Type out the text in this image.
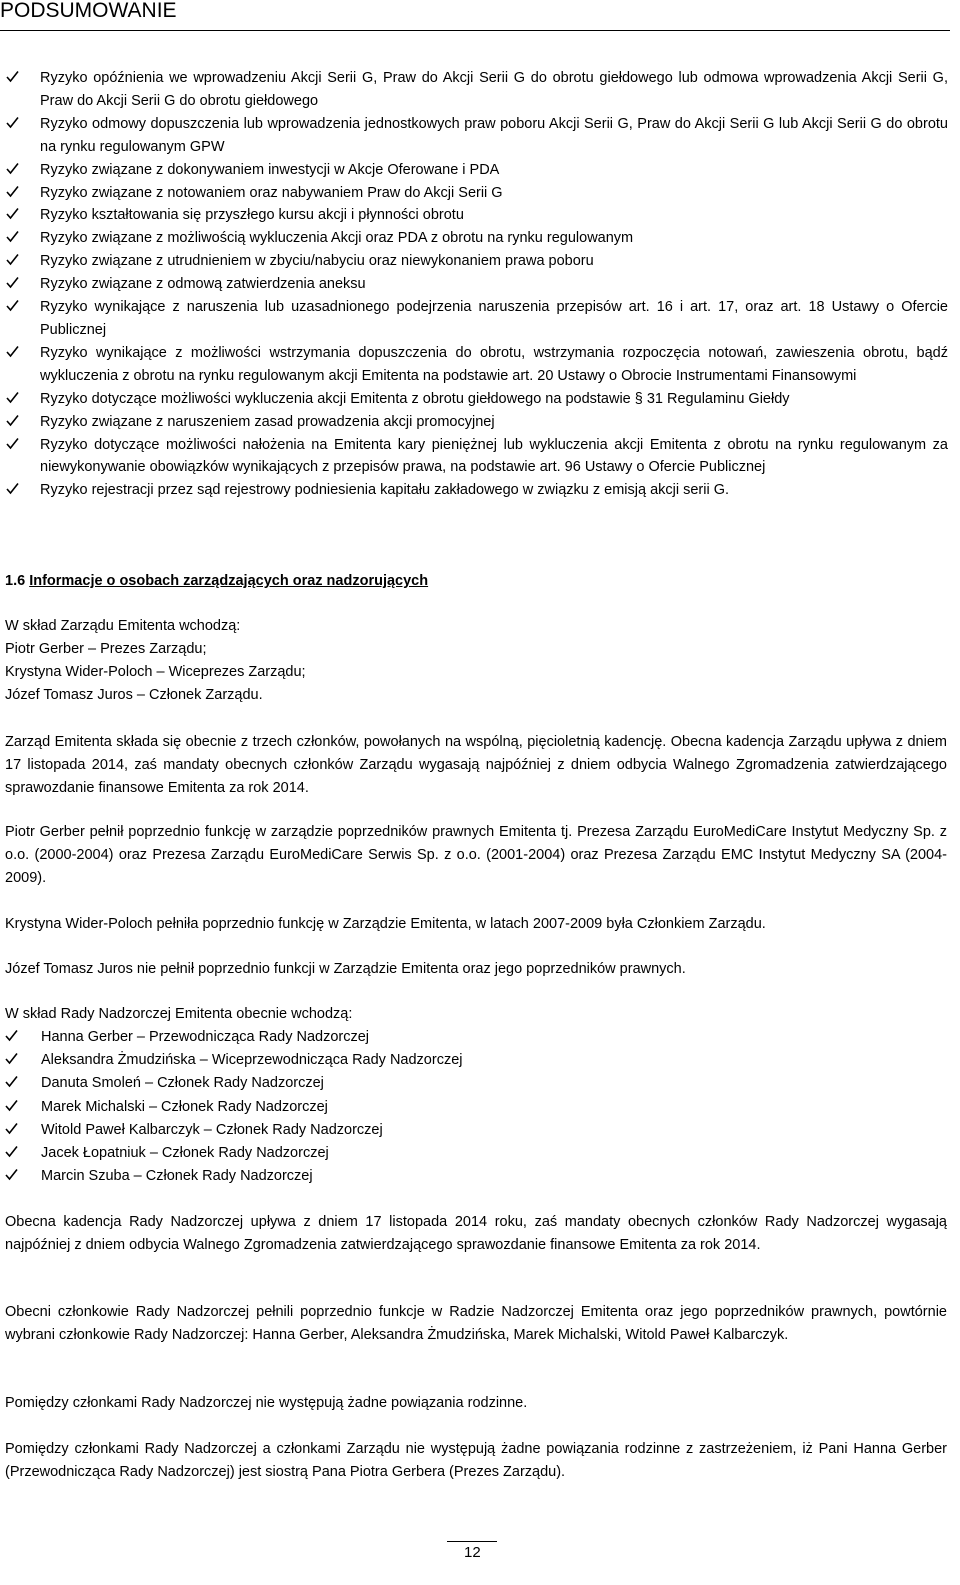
PODSUMOWANIE
Ryzyko opóźnienia we wprowadzeniu Akcji Serii G, Praw do Akcji Serii G do obrotu giełdowego lub odmowa wprowadzenia Akcji Serii G, Praw do Akcji Serii G do obrotu giełdowego
Ryzyko odmowy dopuszczenia lub wprowadzenia jednostkowych praw poboru Akcji Serii G, Praw do Akcji Serii G lub Akcji Serii G do obrotu na rynku regulowanym GPW
Ryzyko związane z dokonywaniem inwestycji w Akcje Oferowane i PDA
Ryzyko związane z notowaniem oraz nabywaniem Praw do Akcji Serii G
Ryzyko kształtowania się przyszłego kursu akcji i płynności obrotu
Ryzyko związane z możliwością wykluczenia Akcji oraz PDA z obrotu na rynku regulowanym
Ryzyko związane z utrudnieniem w zbyciu/nabyciu oraz niewykonaniem prawa poboru
Ryzyko związane z odmową zatwierdzenia aneksu
Ryzyko wynikające z naruszenia lub uzasadnionego podejrzenia naruszenia przepisów art. 16 i art. 17, oraz art. 18 Ustawy o Ofercie Publicznej
Ryzyko wynikające z możliwości wstrzymania dopuszczenia do obrotu, wstrzymania rozpoczęcia notowań, zawieszenia obrotu, bądź wykluczenia z obrotu na rynku regulowanym akcji Emitenta na podstawie art. 20 Ustawy o Obrocie Instrumentami Finansowymi
Ryzyko dotyczące możliwości wykluczenia akcji Emitenta z obrotu giełdowego na podstawie § 31 Regulaminu Giełdy
Ryzyko związane z naruszeniem zasad prowadzenia akcji promocyjnej
Ryzyko dotyczące możliwości nałożenia na Emitenta kary pieniężnej lub wykluczenia akcji Emitenta z obrotu na rynku regulowanym za niewykonywanie obowiązków wynikających z przepisów prawa, na podstawie art. 96 Ustawy o Ofercie Publicznej
Ryzyko rejestracji przez sąd rejestrowy podniesienia kapitału zakładowego w związku z emisją akcji serii G.
1.6 Informacje o osobach zarządzających oraz nadzorujących

W skład Zarządu Emitenta wchodzą:

Piotr Gerber – Prezes Zarządu;

Krystyna Wider-Poloch – Wiceprezes Zarządu;

Józef Tomasz Juros – Członek Zarządu.

Zarząd Emitenta składa się obecnie z trzech członków, powołanych na wspólną, pięcioletnią kadencję. Obecna kadencja Zarządu upływa z dniem 17 listopada 2014, zaś mandaty obecnych członków Zarządu wygasają najpóźniej z dniem odbycia Walnego Zgromadzenia zatwierdzającego sprawozdanie finansowe Emitenta za rok 2014.

Piotr Gerber pełnił poprzednio funkcję w zarządzie poprzedników prawnych Emitenta tj. Prezesa Zarządu EuroMediCare Instytut Medyczny Sp. z o.o. (2000-2004) oraz Prezesa Zarządu EuroMediCare Serwis Sp. z o.o. (2001-2004) oraz Prezesa Zarządu EMC Instytut Medyczny SA (2004-2009).

Krystyna Wider-Poloch pełniła poprzednio funkcję w Zarządzie Emitenta, w latach 2007-2009 była Członkiem Zarządu.

Józef Tomasz Juros nie pełnił poprzednio funkcji w Zarządzie Emitenta oraz jego poprzedników prawnych.

W skład Rady Nadzorczej Emitenta obecnie wchodzą:

Hanna Gerber – Przewodnicząca Rady Nadzorczej
Aleksandra Żmudzińska – Wiceprzewodnicząca Rady Nadzorczej
Danuta Smoleń – Członek Rady Nadzorczej
Marek Michalski – Członek Rady Nadzorczej
Witold Paweł Kalbarczyk – Członek Rady Nadzorczej
Jacek Łopatniuk – Członek Rady Nadzorczej
Marcin Szuba – Członek Rady Nadzorczej

Obecna kadencja Rady Nadzorczej upływa z dniem 17 listopada 2014 roku, zaś mandaty obecnych członków Rady Nadzorczej wygasają najpóźniej z dniem odbycia Walnego Zgromadzenia zatwierdzającego sprawozdanie finansowe Emitenta za rok 2014.

Obecni członkowie Rady Nadzorczej pełnili poprzednio funkcje w Radzie Nadzorczej Emitenta oraz jego poprzedników prawnych, powtórnie wybrani członkowie Rady Nadzorczej: Hanna Gerber, Aleksandra Żmudzińska, Marek Michalski, Witold Paweł Kalbarczyk.

Pomiędzy członkami Rady Nadzorczej nie występują żadne powiązania rodzinne.

Pomiędzy członkami Rady Nadzorczej a członkami Zarządu nie występują żadne powiązania rodzinne z zastrzeżeniem, iż Pani Hanna Gerber (Przewodnicząca Rady Nadzorczej) jest siostrą Pana Piotra Gerbera (Prezes Zarządu).

12
